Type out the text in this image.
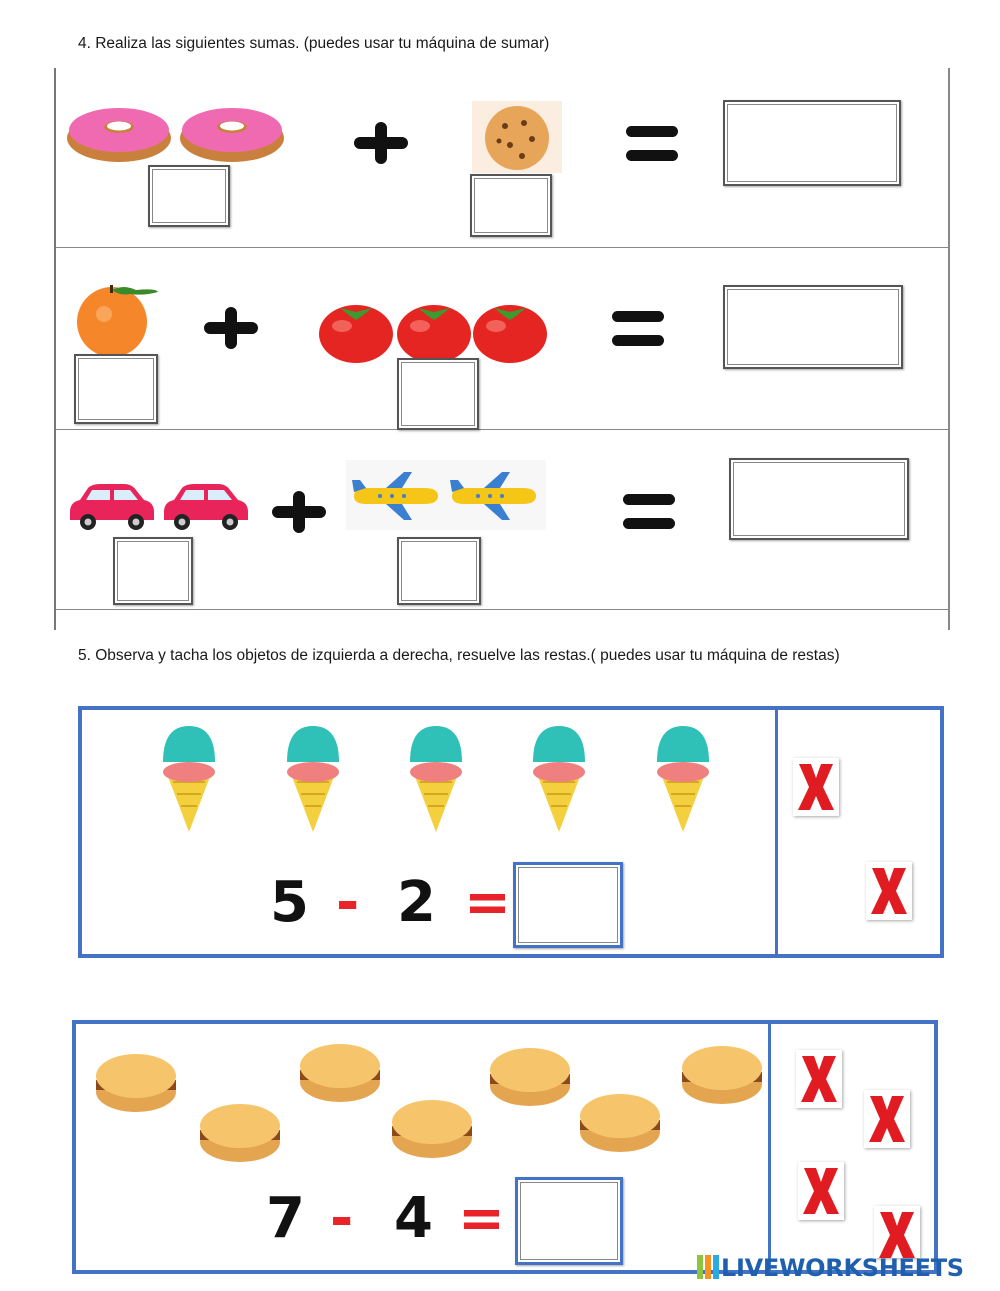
4. Realiza las siguientes sumas. (puedes usar tu máquina de sumar)
5. Observa y tacha los objetos de izquierda a derecha, resuelve las restas.( puedes usar tu máquina de restas)
5 - 2 =
7 - 4 =
LIVEWORKSHEETS
